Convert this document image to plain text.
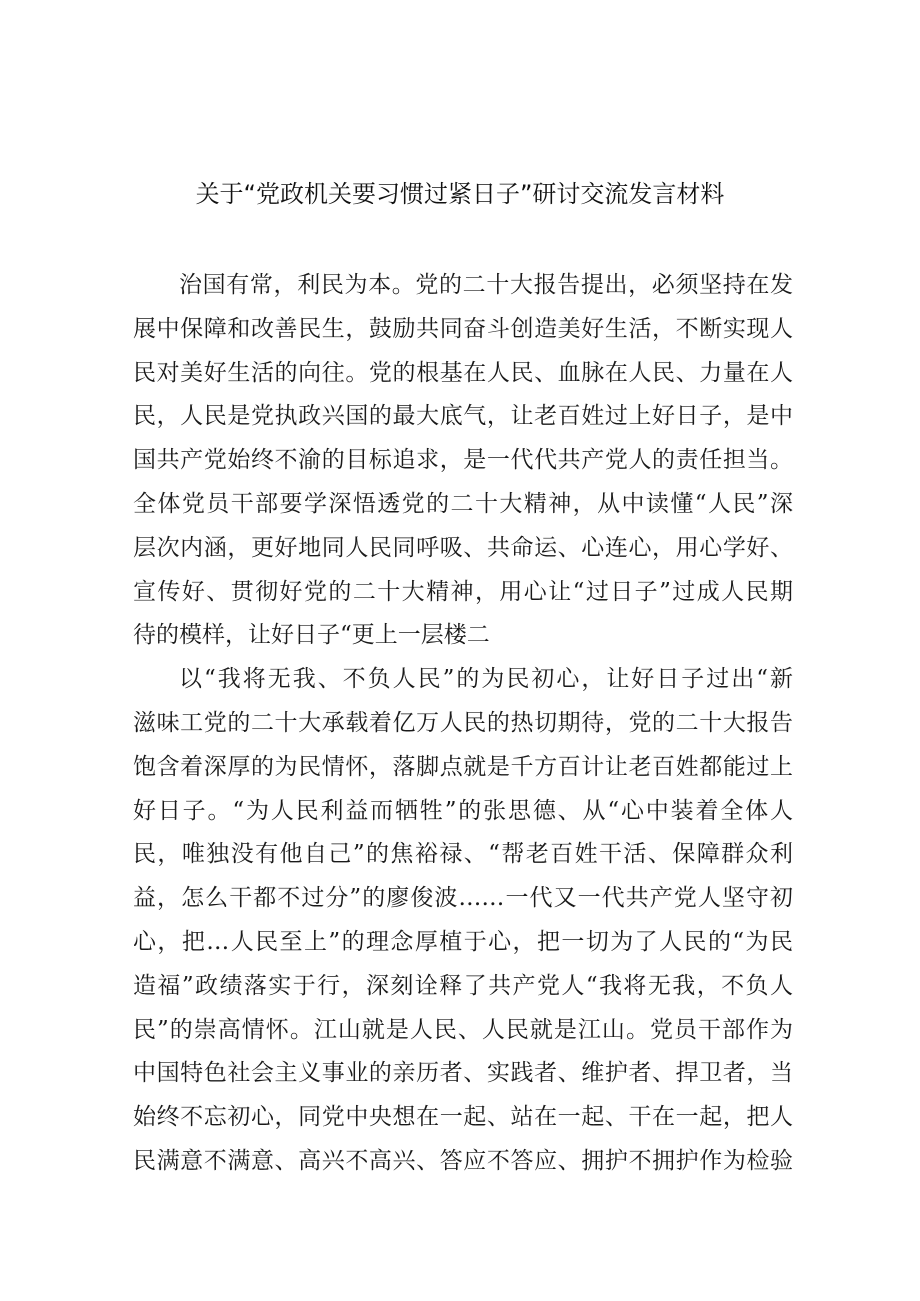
关于“党政机关要习惯过紧日子”研讨交流发言材料

治国有常，利民为本。党的二十大报告提出，必须坚持在发
展中保障和改善民生，鼓励共同奋斗创造美好生活，不断实现人
民对美好生活的向往。党的根基在人民、血脉在人民、力量在人
民，人民是党执政兴国的最大底气，让老百姓过上好日子，是中
国共产党始终不渝的目标追求，是一代代共产党人的责任担当。
全体党员干部要学深悟透党的二十大精神，从中读懂“人民”深
层次内涵，更好地同人民同呼吸、共命运、心连心，用心学好、
宣传好、贯彻好党的二十大精神，用心让“过日子”过成人民期
待的模样，让好日子“更上一层楼二

以“我将无我、不负人民”的为民初心，让好日子过出“新
滋味工党的二十大承载着亿万人民的热切期待，党的二十大报告
饱含着深厚的为民情怀，落脚点就是千方百计让老百姓都能过上
好日子。“为人民利益而牺牲”的张思德、从“心中装着全体人
民，唯独没有他自己”的焦裕禄、“帮老百姓干活、保障群众利
益，怎么干都不过分”的廖俊波……一代又一代共产党人坚守初
心，把…人民至上”的理念厚植于心，把一切为了人民的“为民
造福”政绩落实于行，深刻诠释了共产党人“我将无我，不负人
民”的崇高情怀。江山就是人民、人民就是江山。党员干部作为
中国特色社会主义事业的亲历者、实践者、维护者、捍卫者，当
始终不忘初心，同党中央想在一起、站在一起、干在一起，把人
民满意不满意、高兴不高兴、答应不答应、拥护不拥护作为检验
